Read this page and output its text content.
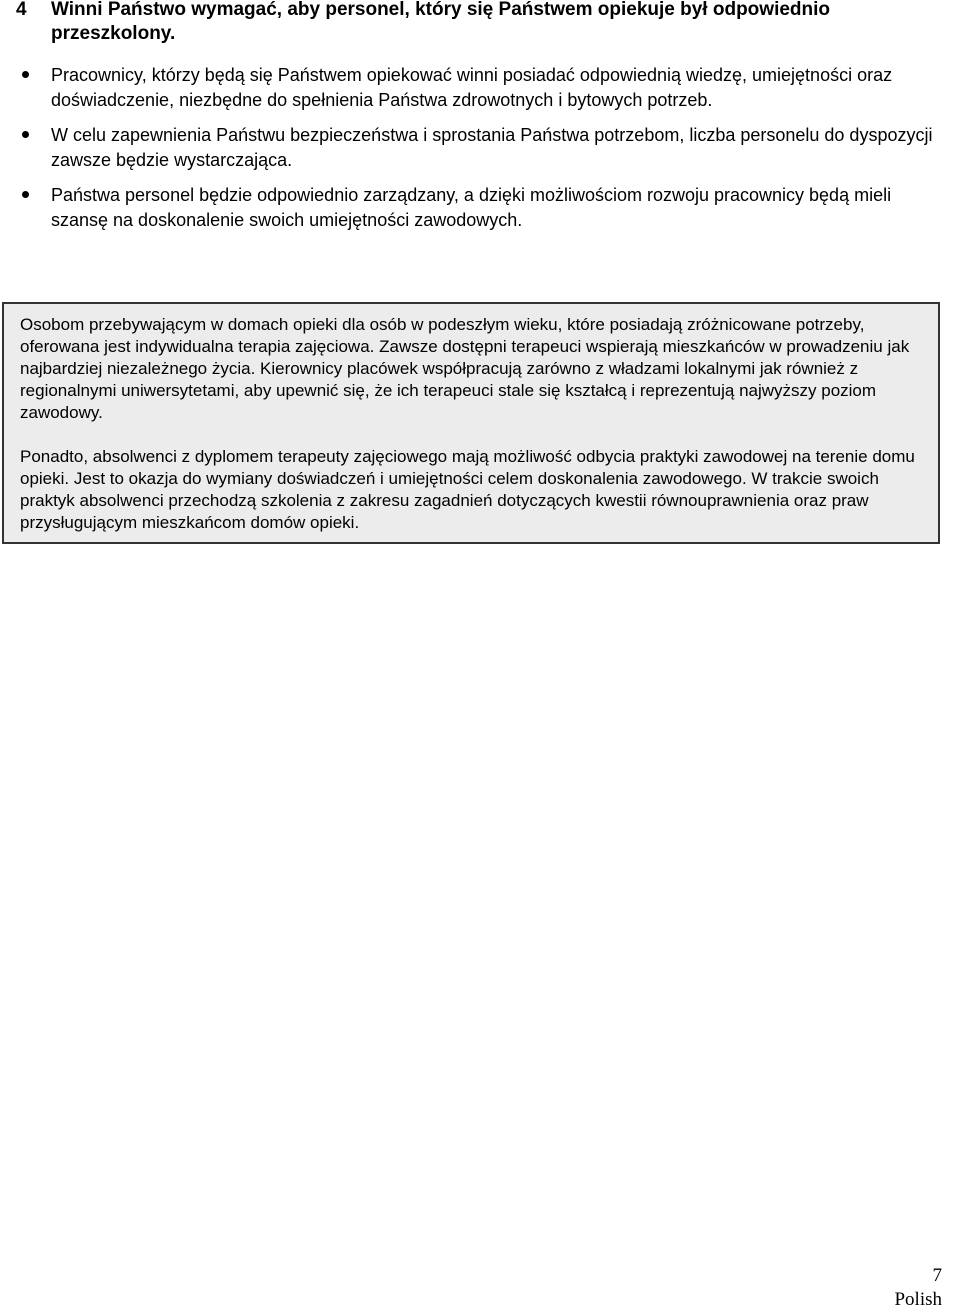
4	Winni Państwo wymagać, aby personel, który się Państwem opiekuje był odpowiednio przeszkolony.
Pracownicy, którzy będą się Państwem opiekować winni posiadać odpowiednią wiedzę, umiejętności oraz doświadczenie, niezbędne do spełnienia Państwa zdrowotnych i bytowych potrzeb.
W celu zapewnienia Państwu bezpieczeństwa i sprostania Państwa potrzebom, liczba personelu do dyspozycji zawsze będzie wystarczająca.
Państwa personel będzie odpowiednio zarządzany, a dzięki możliwościom rozwoju pracownicy będą mieli szansę na doskonalenie swoich umiejętności zawodowych.

Osobom przebywającym w domach opieki dla osób w podeszłym wieku, które posiadają zróżnicowane potrzeby, oferowana jest indywidualna terapia zajęciowa. Zawsze dostępni terapeuci wspierają mieszkańców w prowadzeniu jak najbardziej niezależnego życia. Kierownicy placówek współpracują zarówno z władzami lokalnymi jak również z regionalnymi uniwersytetami, aby upewnić się, że ich terapeuci stale się kształcą i reprezentują najwyższy poziom zawodowy.

Ponadto, absolwenci z dyplomem terapeuty zajęciowego mają możliwość odbycia praktyki zawodowej na terenie domu opieki. Jest to okazja do wymiany doświadczeń i umiejętności celem doskonalenia zawodowego. W trakcie swoich praktyk absolwenci przechodzą szkolenia z zakresu zagadnień dotyczących kwestii równouprawnienia oraz praw przysługującym mieszkańcom domów opieki.

7
Polish
